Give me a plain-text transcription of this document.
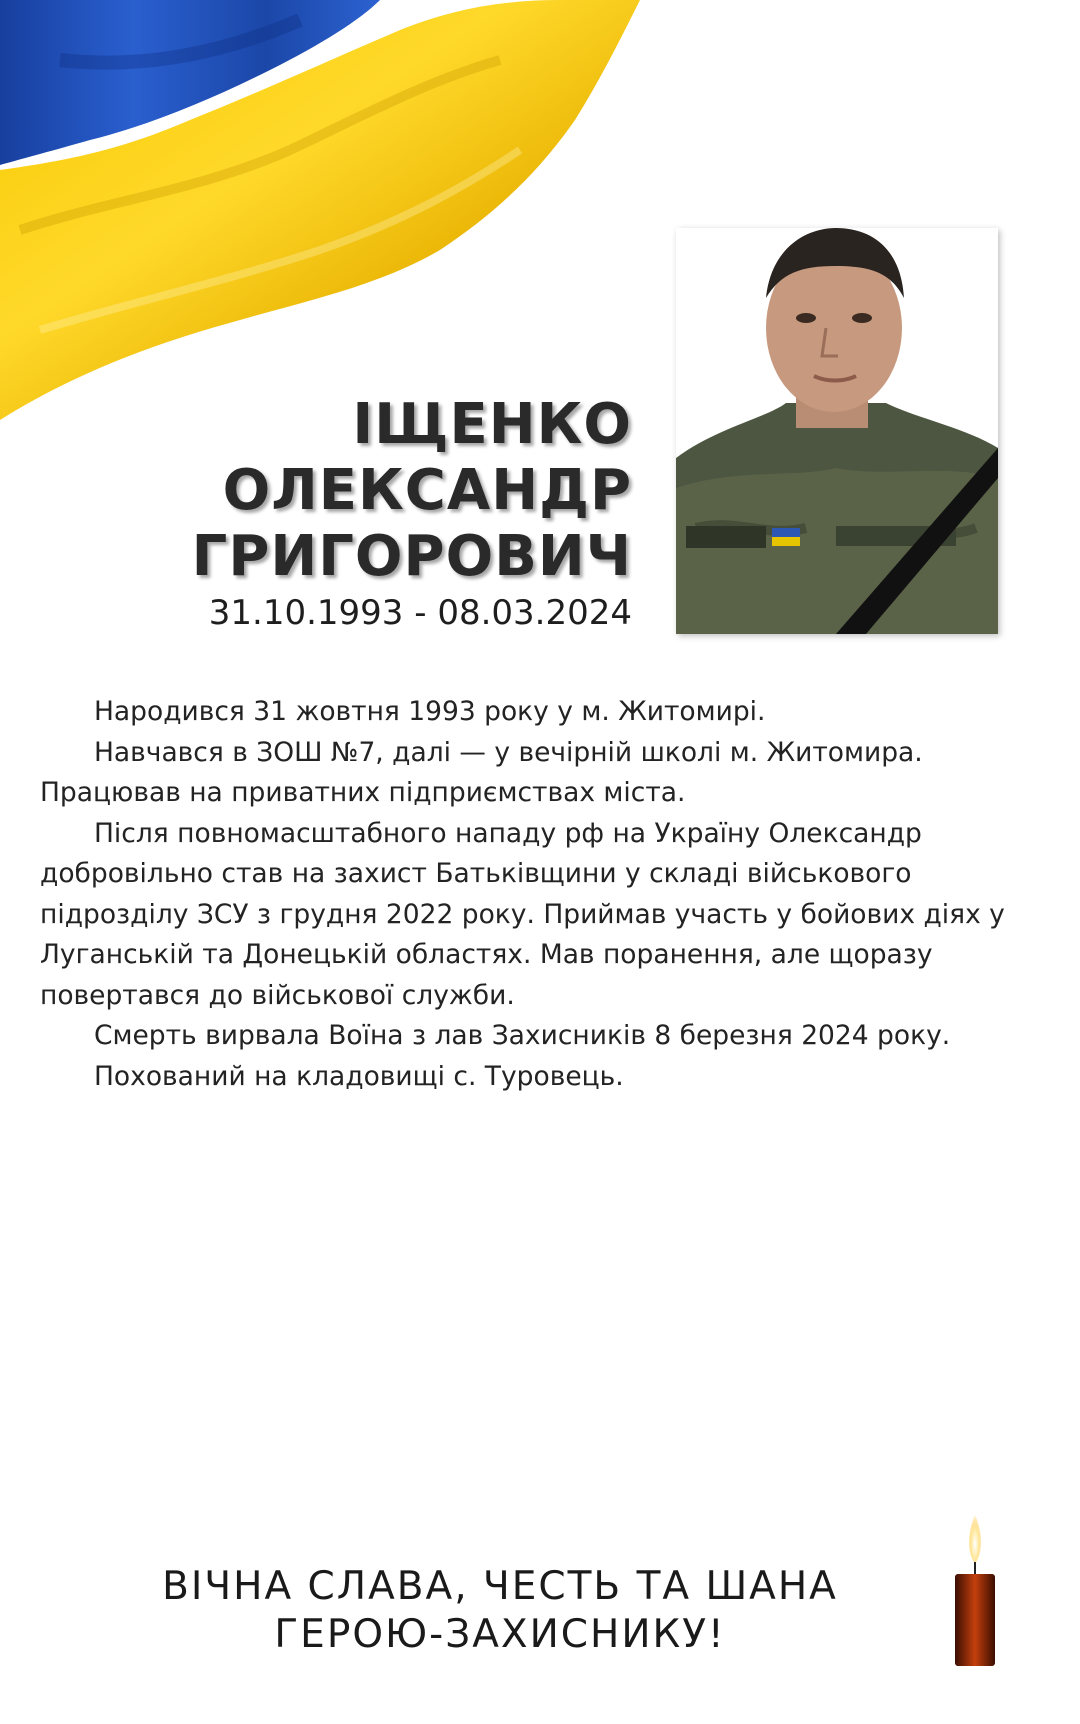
ІЩЕНКО
ОЛЕКСАНДР
ГРИГОРОВИЧ
31.10.1993 - 08.03.2024

Народився 31 жовтня 1993 року у м. Житомирі.

Навчався в ЗОШ №7, далі — у вечірній школі м. Житомира. Працював на приватних підприємствах міста.

Після повномасштабного нападу рф на Україну Олександр добровільно став на захист Батьківщини у складі військового підрозділу ЗСУ з грудня 2022 року. Приймав участь у бойових діях у Луганській та Донецькій областях. Мав поранення, але щоразу повертався до військової служби.

Смерть вирвала Воїна з лав Захисників 8 березня 2024 року.

Похований на кладовищі с. Туровець.

ВІЧНА СЛАВА, ЧЕСТЬ ТА ШАНА
ГЕРОЮ-ЗАХИСНИКУ!
